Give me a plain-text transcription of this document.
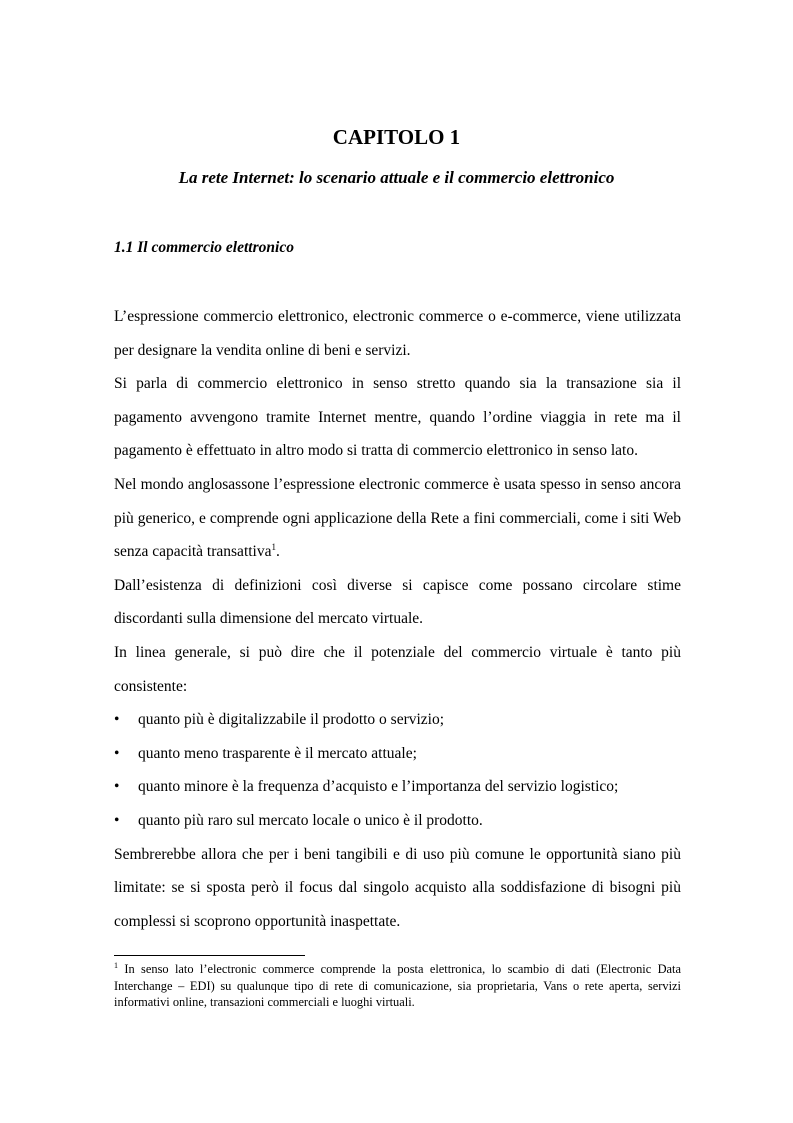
CAPITOLO 1
La rete Internet: lo scenario attuale e il commercio elettronico
1.1 Il commercio elettronico

L’espressione commercio elettronico, electronic commerce o e-commerce, viene utilizzata per designare la vendita online di beni e servizi.

Si parla di commercio elettronico in senso stretto quando sia la transazione sia il pagamento avvengono tramite Internet mentre, quando l’ordine viaggia in rete ma il pagamento è effettuato in altro modo si tratta di commercio elettronico in senso lato.

Nel mondo anglosassone l’espressione electronic commerce è usata spesso in senso ancora più generico, e comprende ogni applicazione della Rete a fini commerciali, come i siti Web senza capacità transattiva$^1$.

Dall’esistenza di definizioni così diverse si capisce come possano circolare stime discordanti sulla dimensione del mercato virtuale.

In linea generale, si può dire che il potenziale del commercio virtuale è tanto più consistente:

• quanto più è digitalizzabile il prodotto o servizio;
• quanto meno trasparente è il mercato attuale;
• quanto minore è la frequenza d’acquisto e l’importanza del servizio logistico;
• quanto più raro sul mercato locale o unico è il prodotto.

Sembrerebbe allora che per i beni tangibili e di uso più comune le opportunità siano più limitate: se si sposta però il focus dal singolo acquisto alla soddisfazione di bisogni più complessi si scoprono opportunità inaspettate.

$^1$ In senso lato l’electronic commerce comprende la posta elettronica, lo scambio di dati (Electronic Data Interchange – EDI) su qualunque tipo di rete di comunicazione, sia proprietaria, Vans o rete aperta, servizi informativi online, transazioni commerciali e luoghi virtuali.
